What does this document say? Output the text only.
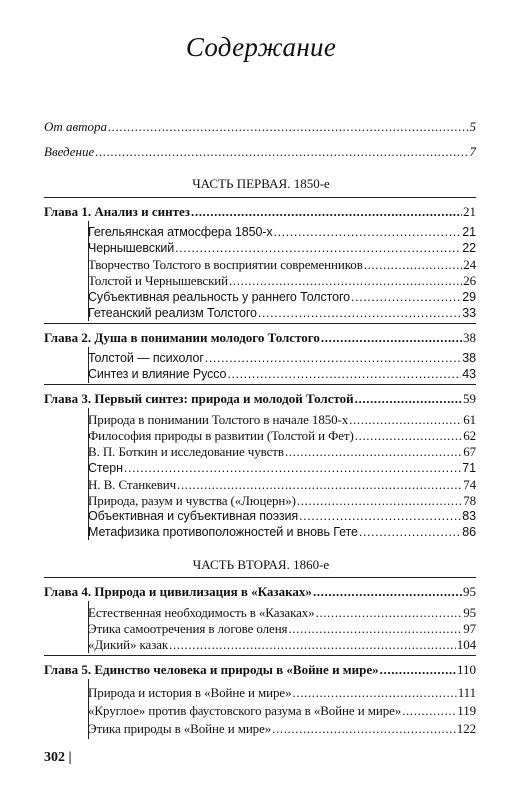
Содержание
От автора .....	5
Введение .....	7
ЧАСТЬ ПЕРВАЯ. 1850-е
Глава 1. Анализ и синтез .....	21
Гегельянская атмосфера 1850-х .....	21
Чернышевский .....	22
Творчество Толстого в восприятии современников .....	24
Толстой и Чернышевский .....	26
Субъективная реальность у раннего Толстого .....	29
Гетеанский реализм Толстого .....	33
Глава 2. Душа в понимании молодого Толстого .....	38
Толстой — психолог .....	38
Синтез и влияние Руссо .....	43
Глава 3. Первый синтез: природа и молодой Толстой .....	59
Природа в понимании Толстого в начале 1850-х .....	61
Философия природы в развитии (Толстой и Фет) .....	62
В. П. Боткин и исследование чувств .....	67
Стерн .....	71
Н. В. Станкевич .....	74
Природа, разум и чувства («Люцерн») .....	78
Объективная и субъективная поэзия .....	83
Метафизика противоположностей и вновь Гете .....	86
ЧАСТЬ ВТОРАЯ. 1860-е
Глава 4. Природа и цивилизация в «Казаках» .....	95
Естественная необходимость в «Казаках» .....	95
Этика самоотречения в логове оленя .....	97
«Дикий» казак .....	104
Глава 5. Единство человека и природы в «Войне и мире» .....	110
Природа и история в «Войне и мире» .....	111
«Круглое» против фаустовского разума в «Войне и мире» .....	119
Этика природы в «Войне и мире» .....	122
302 |
